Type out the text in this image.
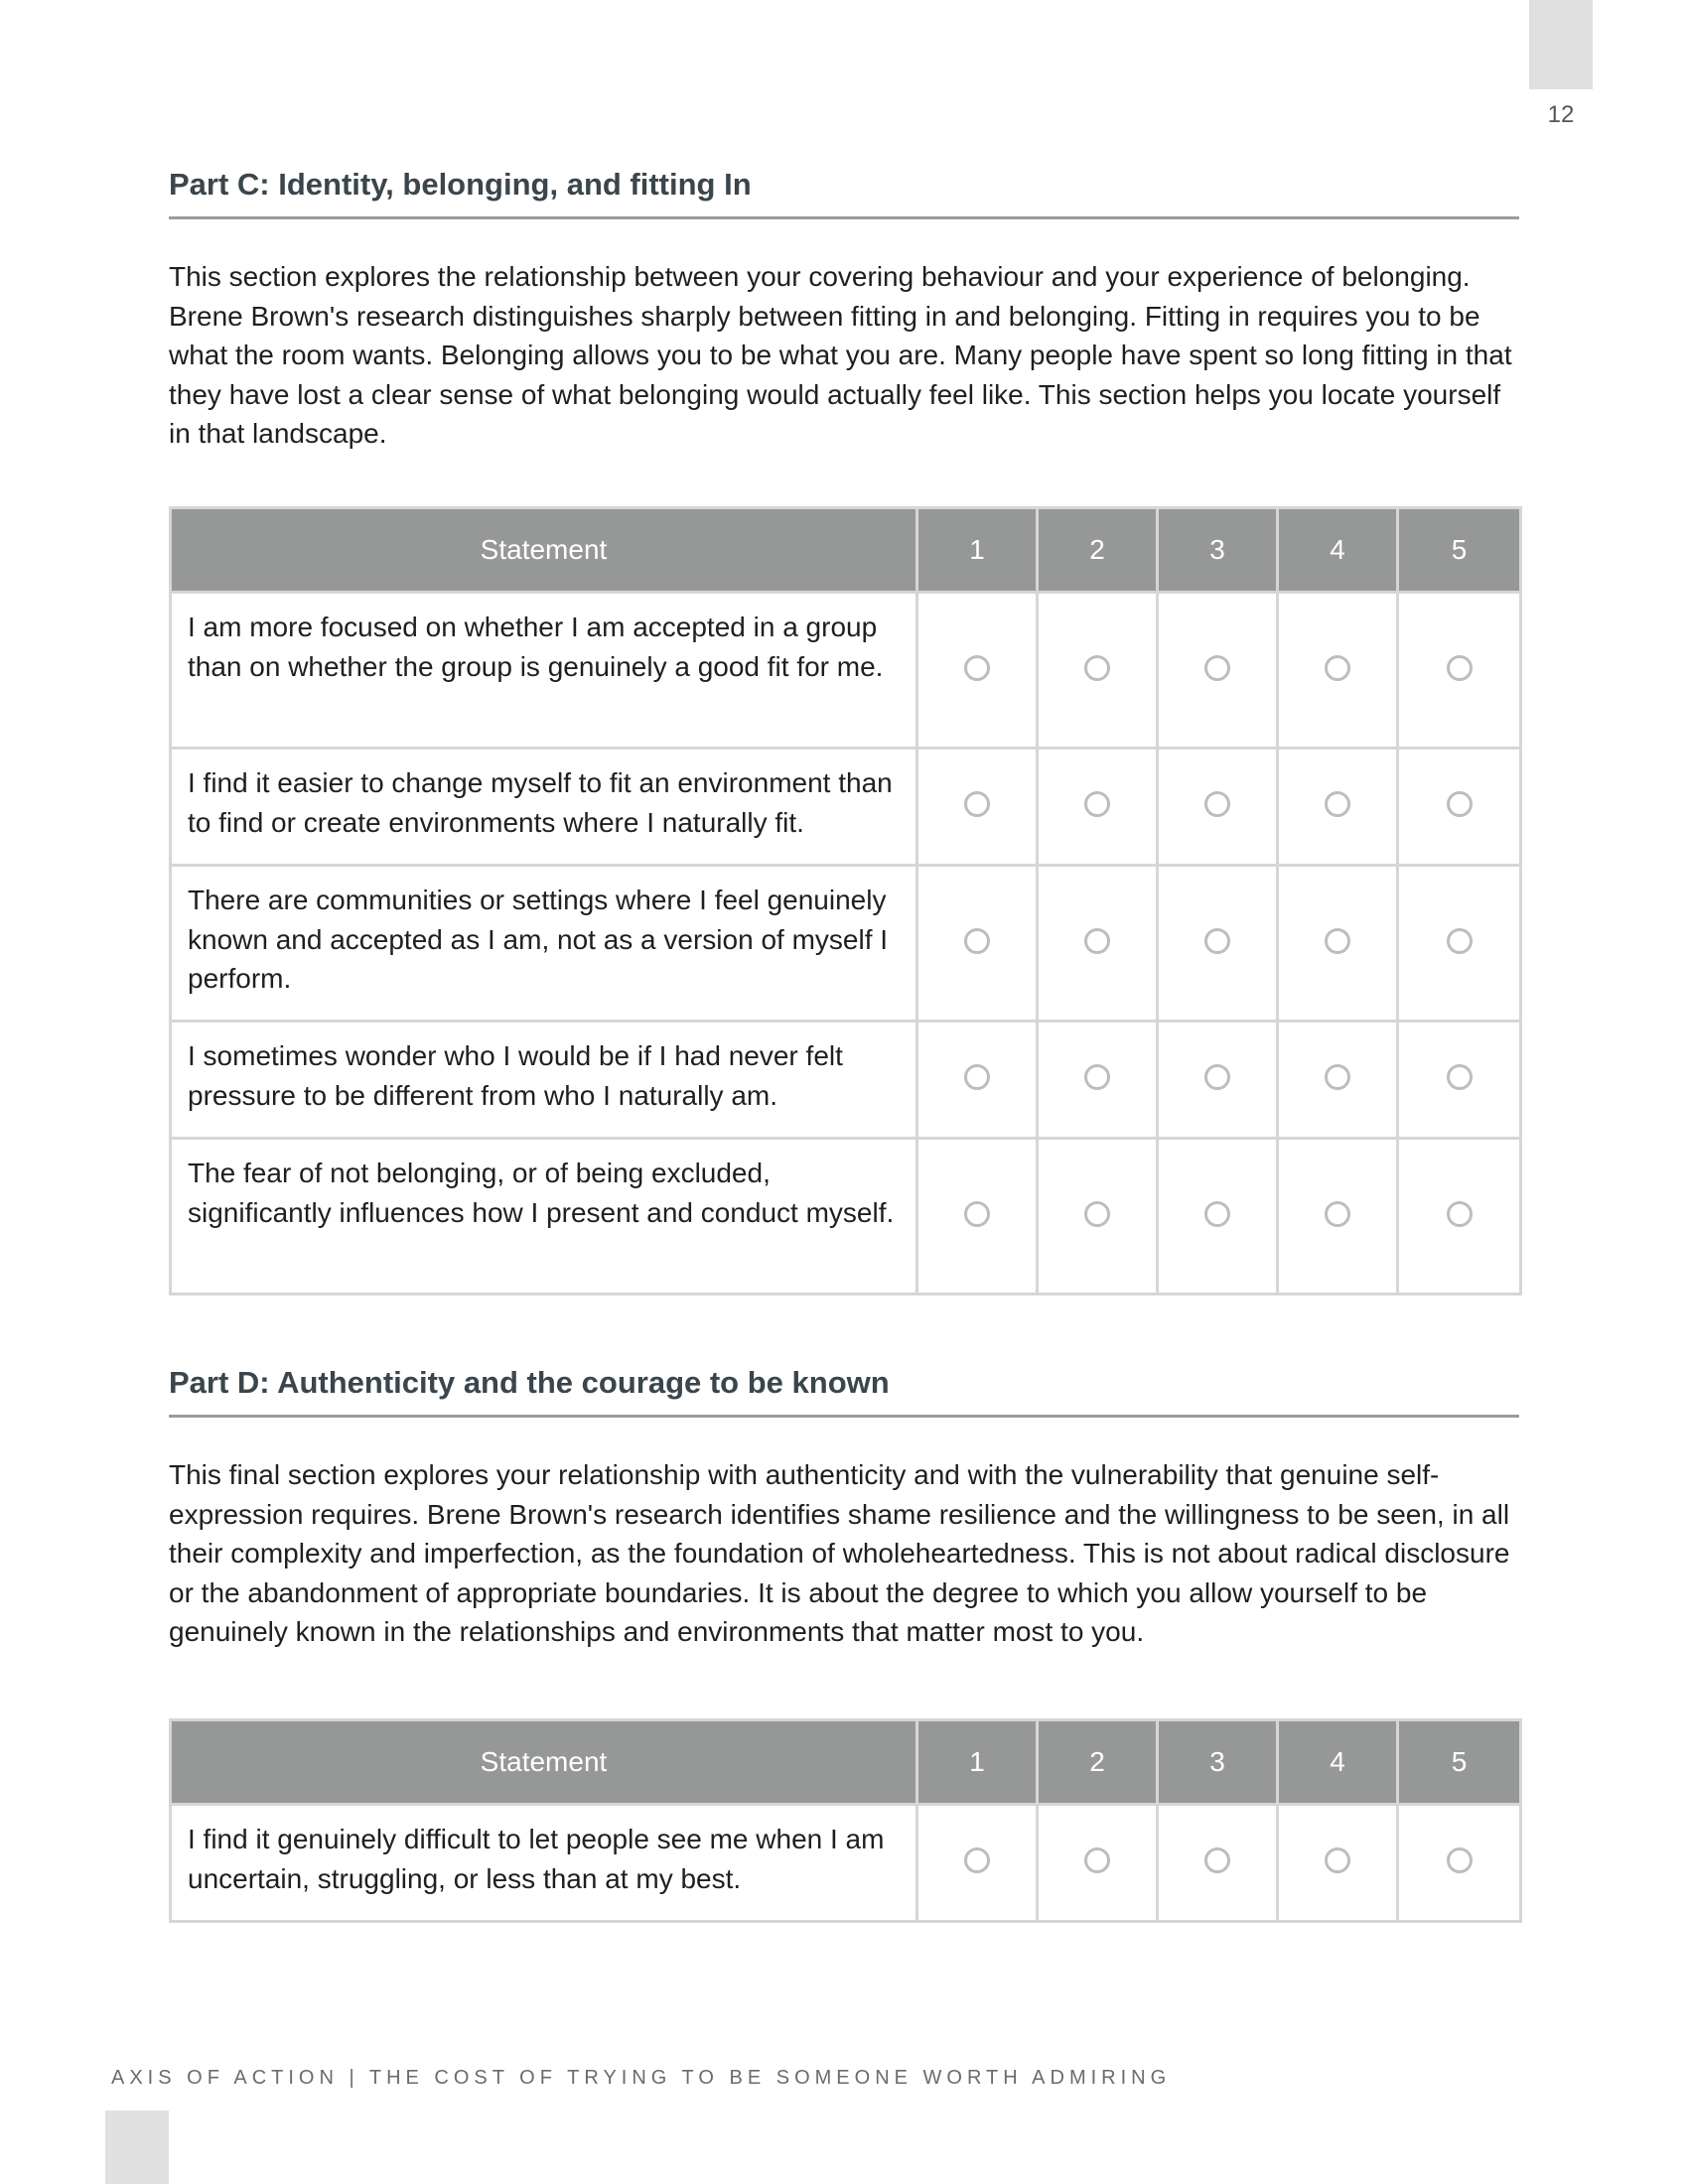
12
Part C: Identity, belonging, and fitting In

This section explores the relationship between your covering behaviour and your experience of belonging. Brene Brown's research distinguishes sharply between fitting in and belonging. Fitting in requires you to be what the room wants. Belonging allows you to be what you are. Many people have spent so long fitting in that they have lost a clear sense of what belonging would actually feel like. This section helps you locate yourself in that landscape.

Statement	1	2	3	4	5
I am more focused on whether I am accepted in a group than on whether the group is genuinely a good fit for me.					
I find it easier to change myself to fit an environment than to find or create environments where I naturally fit.					
There are communities or settings where I feel genuinely known and accepted as I am, not as a version of myself I perform.					
I sometimes wonder who I would be if I had never felt pressure to be different from who I naturally am.					
The fear of not belonging, or of being excluded, significantly influences how I present and conduct myself.					
Part D: Authenticity and the courage to be known

This final section explores your relationship with authenticity and with the vulnerability that genuine self-expression requires. Brene Brown's research identifies shame resilience and the willingness to be seen, in all their complexity and imperfection, as the foundation of wholeheartedness. This is not about radical disclosure or the abandonment of appropriate boundaries. It is about the degree to which you allow yourself to be genuinely known in the relationships and environments that matter most to you.

Statement	1	2	3	4	5
I find it genuinely difficult to let people see me when I am uncertain, struggling, or less than at my best.					
AXIS OF ACTION | THE COST OF TRYING TO BE SOMEONE WORTH ADMIRING
